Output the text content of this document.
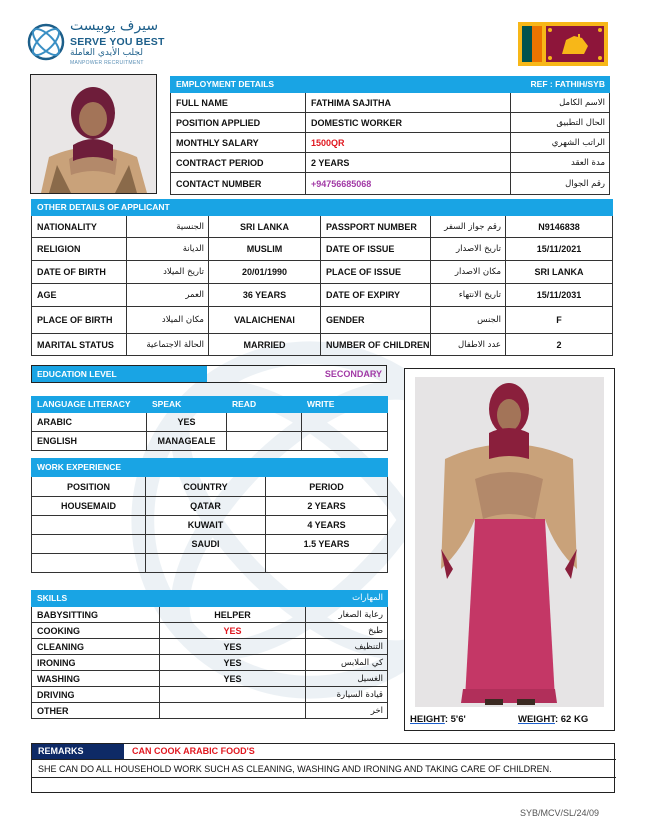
سيرف يوبيست
SERVE YOU BEST
لجلب الأيدي العاملة
MANPOWER RECRUITMENT
EMPLOYMENT DETAILS		REF : FATHIH/SYB
FULL NAME	FATHIMA SAJITHA	الاسم الكامل
POSITION APPLIED	DOMESTIC WORKER	الحال التطبيق
MONTHLY SALARY	1500QR	الراتب الشهري
CONTRACT PERIOD	2 YEARS	مدة العقد
CONTACT NUMBER	+94756685068	رقم الجوال
OTHER DETAILS OF APPLICANT					
NATIONALITY	الجنسية	SRI LANKA	PASSPORT NUMBER	رقم جواز السفر	N9146838
RELIGION	الديانة	MUSLIM	DATE OF ISSUE	تاريخ الاصدار	15/11/2021
DATE OF BIRTH	تاريخ الميلاد	20/01/1990	PLACE OF ISSUE	مكان الاصدار	SRI LANKA
AGE	العمر	36 YEARS	DATE OF EXPIRY	تاريخ الانتهاء	15/11/2031
PLACE OF BIRTH	مكان الميلاد	VALAICHENAI	GENDER	الجنس	F
MARITAL STATUS	الحالة الاجتماعية	MARRIED	NUMBER OF CHILDREN	عدد الاطفال	2
EDUCATION LEVEL	SECONDARY
LANGUAGE LITERACY	SPEAK	READ	WRITE
ARABIC	YES		
ENGLISH	MANAGEALE		
WORK EXPERIENCE		
POSITION	COUNTRY	PERIOD
HOUSEMAID	QATAR	2 YEARS
	KUWAIT	4 YEARS
	SAUDI	1.5 YEARS

SKILLS		المهارات
BABYSITTING	HELPER	رعاية الصغار
COOKING	YES	طبخ
CLEANING	YES	التنظيف
IRONING	YES	كي الملابس
WASHING	YES	الغسيل
DRIVING		قيادة السيارة
OTHER		اخر
HEIGHT: 5'6'	WEIGHT: 62 KG
REMARKS	CAN COOK ARABIC FOOD'S
SHE CAN DO ALL HOUSEHOLD WORK SUCH AS CLEANING, WASHING AND IRONING AND TAKING CARE OF CHILDREN.
SYB/MCV/SL/24/09
